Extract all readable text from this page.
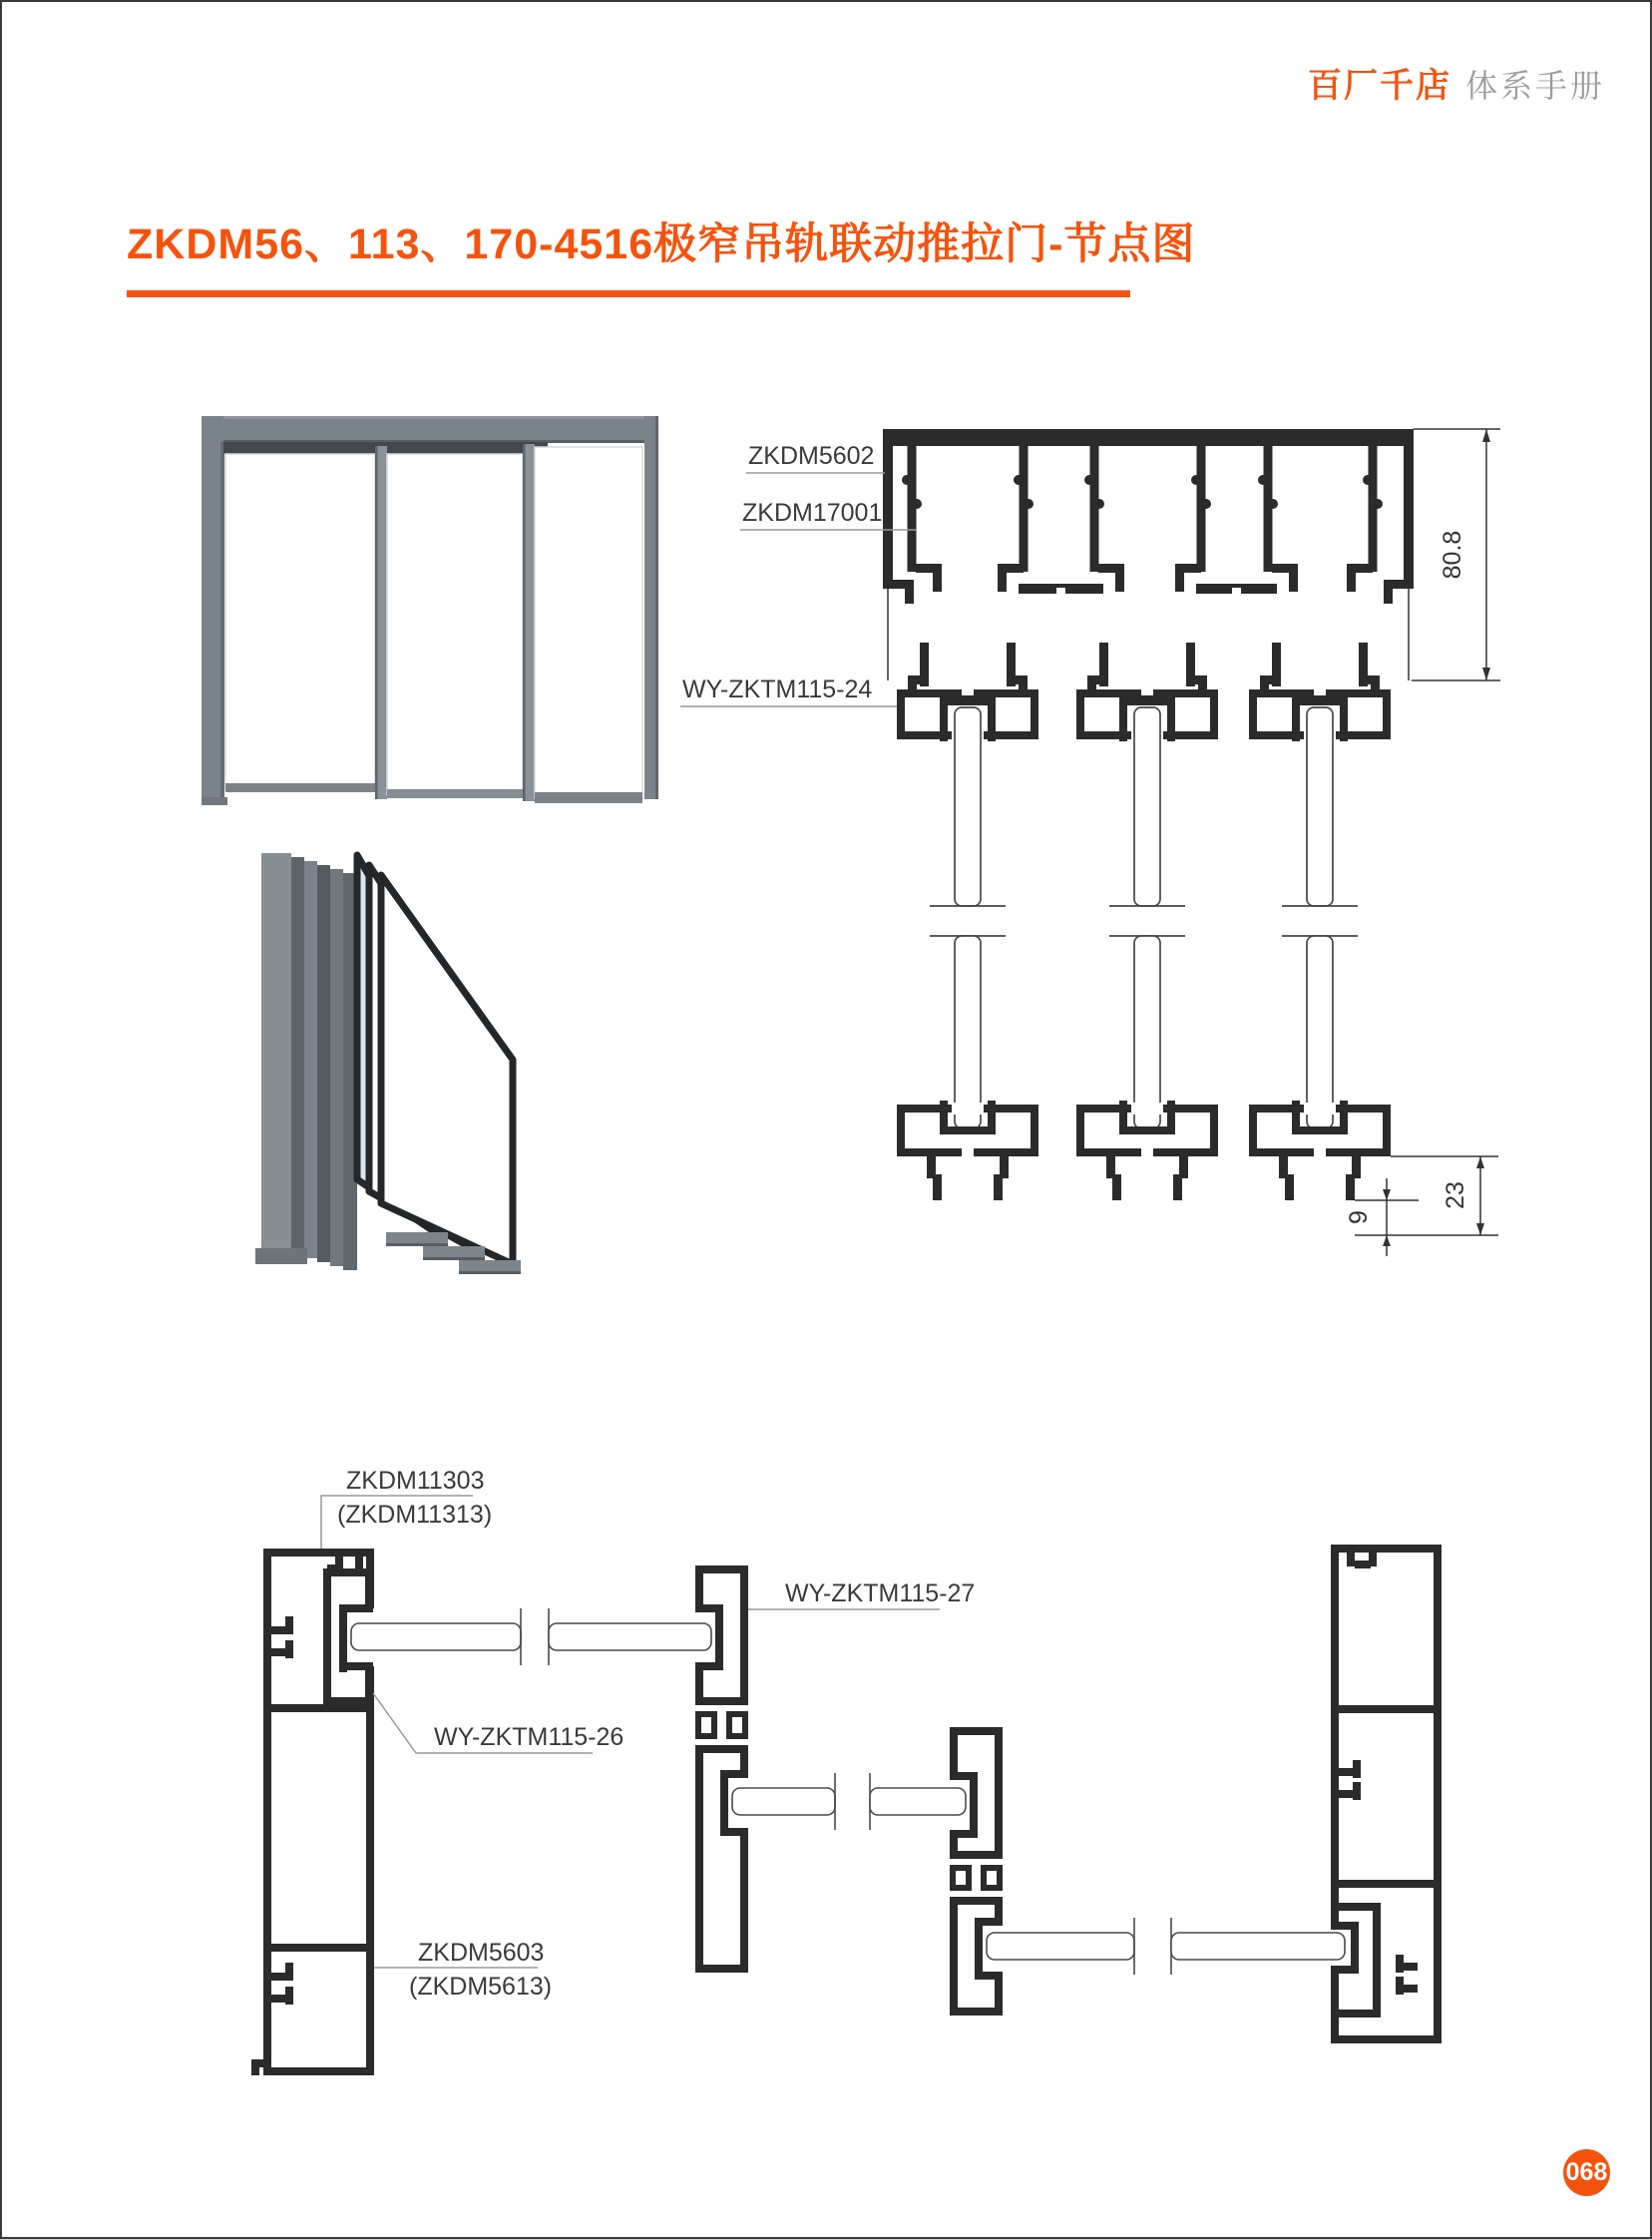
百厂千店 体系手册
ZKDM56、113、170-4516极窄吊轨联动推拉门-节点图
80.8
23
9
ZKDM5602
ZKDM17001
WY-ZKTM115-24
ZKDM11303
(ZKDM11313)
WY-ZKTM115-27
WY-ZKTM115-26
ZKDM5603
(ZKDM5613)
068
